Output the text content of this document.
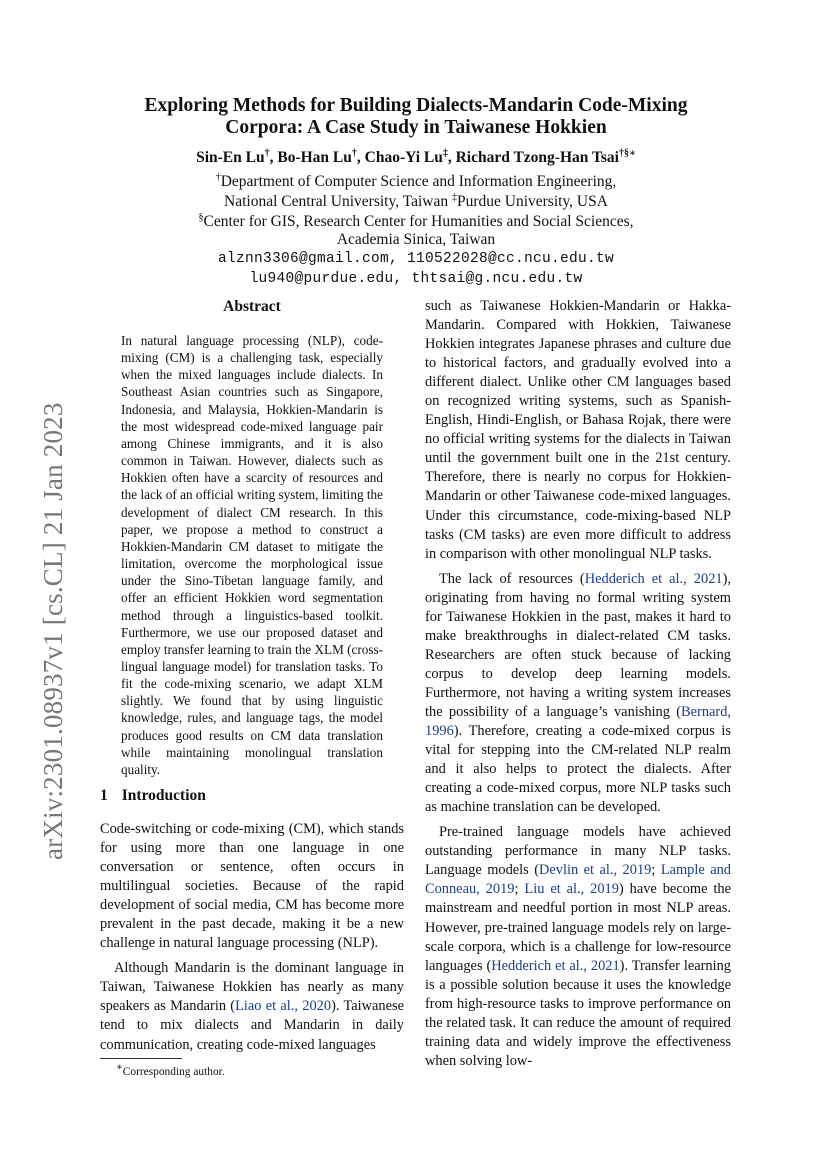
arXiv:2301.08937v1 [cs.CL] 21 Jan 2023
Exploring Methods for Building Dialects-Mandarin Code-Mixing
Corpora: A Case Study in Taiwanese Hokkien
Sin-En Lu†, Bo-Han Lu†, Chao-Yi Lu‡, Richard Tzong-Han Tsai†§∗
†Department of Computer Science and Information Engineering,
National Central University, Taiwan ‡Purdue University, USA
§Center for GIS, Research Center for Humanities and Social Sciences,
Academia Sinica, Taiwan
alznn3306@gmail.com, 110522028@cc.ncu.edu.tw
lu940@purdue.edu, thtsai@g.ncu.edu.tw
Abstract
In natural language processing (NLP), code-mixing (CM) is a challenging task, especially when the mixed languages include dialects. In Southeast Asian countries such as Singapore, Indonesia, and Malaysia, Hokkien-Mandarin is the most widespread code-mixed language pair among Chinese immigrants, and it is also common in Taiwan. However, dialects such as Hokkien often have a scarcity of resources and the lack of an official writing system, limiting the development of dialect CM research. In this paper, we propose a method to construct a Hokkien-Mandarin CM dataset to mitigate the limitation, overcome the morphological issue under the Sino-Tibetan language family, and offer an efficient Hokkien word segmentation method through a linguistics-based toolkit. Furthermore, we use our proposed dataset and employ transfer learning to train the XLM (cross-lingual language model) for translation tasks. To fit the code-mixing scenario, we adapt XLM slightly. We found that by using linguistic knowledge, rules, and language tags, the model produces good results on CM data translation while maintaining monolingual translation quality.
1 Introduction

Code-switching or code-mixing (CM), which stands for using more than one language in one conversation or sentence, often occurs in multilingual societies. Because of the rapid development of social media, CM has become more prevalent in the past decade, making it be a new challenge in natural language processing (NLP).

Although Mandarin is the dominant language in Taiwan, Taiwanese Hokkien has nearly as many speakers as Mandarin (Liao et al., 2020). Taiwanese tend to mix dialects and Mandarin in daily communication, creating code-mixed languages

such as Taiwanese Hokkien-Mandarin or Hakka-Mandarin. Compared with Hokkien, Taiwanese Hokkien integrates Japanese phrases and culture due to historical factors, and gradually evolved into a different dialect. Unlike other CM languages based on recognized writing systems, such as Spanish-English, Hindi-English, or Bahasa Rojak, there were no official writing systems for the dialects in Taiwan until the government built one in the 21st century. Therefore, there is nearly no corpus for Hokkien-Mandarin or other Taiwanese code-mixed languages. Under this circumstance, code-mixing-based NLP tasks (CM tasks) are even more difficult to address in comparison with other monolingual NLP tasks.

The lack of resources (Hedderich et al., 2021), originating from having no formal writing system for Taiwanese Hokkien in the past, makes it hard to make breakthroughs in dialect-related CM tasks. Researchers are often stuck because of lacking corpus to develop deep learning models. Furthermore, not having a writing system increases the possibility of a language’s vanishing (Bernard, 1996). Therefore, creating a code-mixed corpus is vital for stepping into the CM-related NLP realm and it also helps to protect the dialects. After creating a code-mixed corpus, more NLP tasks such as machine translation can be developed.

Pre-trained language models have achieved outstanding performance in many NLP tasks. Language models (Devlin et al., 2019; Lample and Conneau, 2019; Liu et al., 2019) have become the mainstream and needful portion in most NLP areas. However, pre-trained language models rely on large-scale corpora, which is a challenge for low-resource languages (Hedderich et al., 2021). Transfer learning is a possible solution because it uses the knowledge from high-resource tasks to improve performance on the related task. It can reduce the amount of required training data and widely improve the effectiveness when solving low-

∗Corresponding author.
